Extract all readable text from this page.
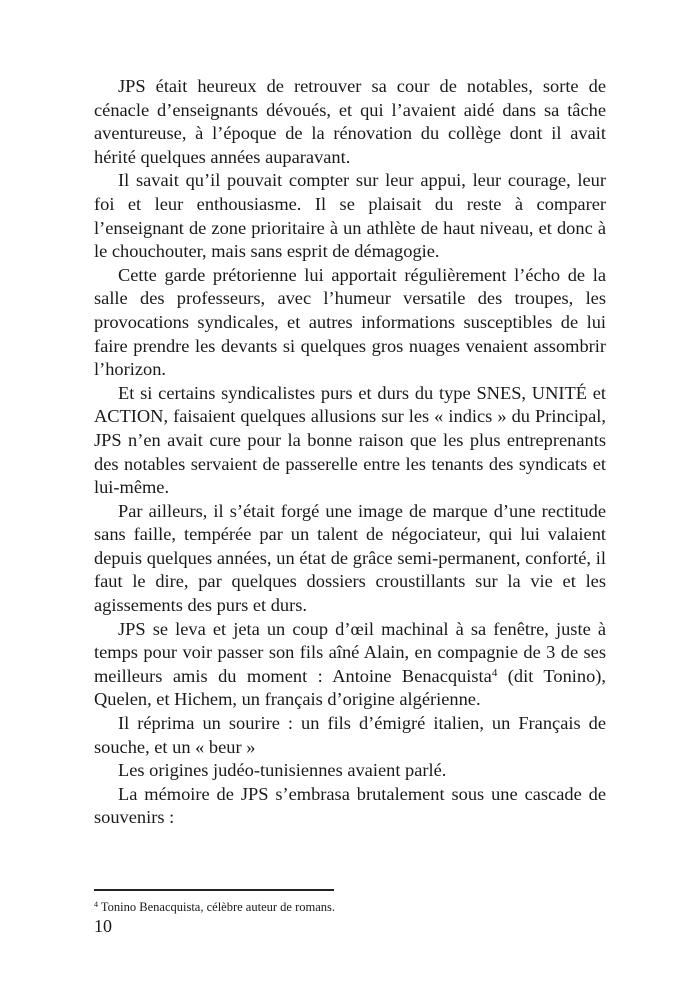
JPS était heureux de retrouver sa cour de notables, sorte de cénacle d’enseignants dévoués, et qui l’avaient aidé dans sa tâche aventureuse, à l’époque de la rénovation du collège dont il avait hérité quelques années auparavant.

Il savait qu’il pouvait compter sur leur appui, leur courage, leur foi et leur enthousiasme. Il se plaisait du reste à comparer l’enseignant de zone prioritaire à un athlète de haut niveau, et donc à le chouchouter, mais sans esprit de démagogie.

Cette garde prétorienne lui apportait régulièrement l’écho de la salle des professeurs, avec l’humeur versatile des troupes, les provocations syndicales, et autres informations susceptibles de lui faire prendre les devants si quelques gros nuages venaient assombrir l’horizon.

Et si certains syndicalistes purs et durs du type SNES, UNITÉ et ACTION, faisaient quelques allusions sur les « indics » du Principal, JPS n’en avait cure pour la bonne raison que les plus entreprenants des notables servaient de passerelle entre les tenants des syndicats et lui-même.

Par ailleurs, il s’était forgé une image de marque d’une rectitude sans faille, tempérée par un talent de négociateur, qui lui valaient depuis quelques années, un état de grâce semi-permanent, conforté, il faut le dire, par quelques dossiers croustillants sur la vie et les agissements des purs et durs.

JPS se leva et jeta un coup d’œil machinal à sa fenêtre, juste à temps pour voir passer son fils aîné Alain, en compagnie de 3 de ses meilleurs amis du moment : Antoine Benacquista$^4$ (dit Tonino), Quelen, et Hichem, un français d’origine algérienne.

Il réprima un sourire : un fils d’émigré italien, un Français de souche, et un « beur »

Les origines judéo-tunisiennes avaient parlé.

La mémoire de JPS s’embrasa brutalement sous une cascade de souvenirs :

$^4$ Tonino Benacquista, célèbre auteur de romans.
10
